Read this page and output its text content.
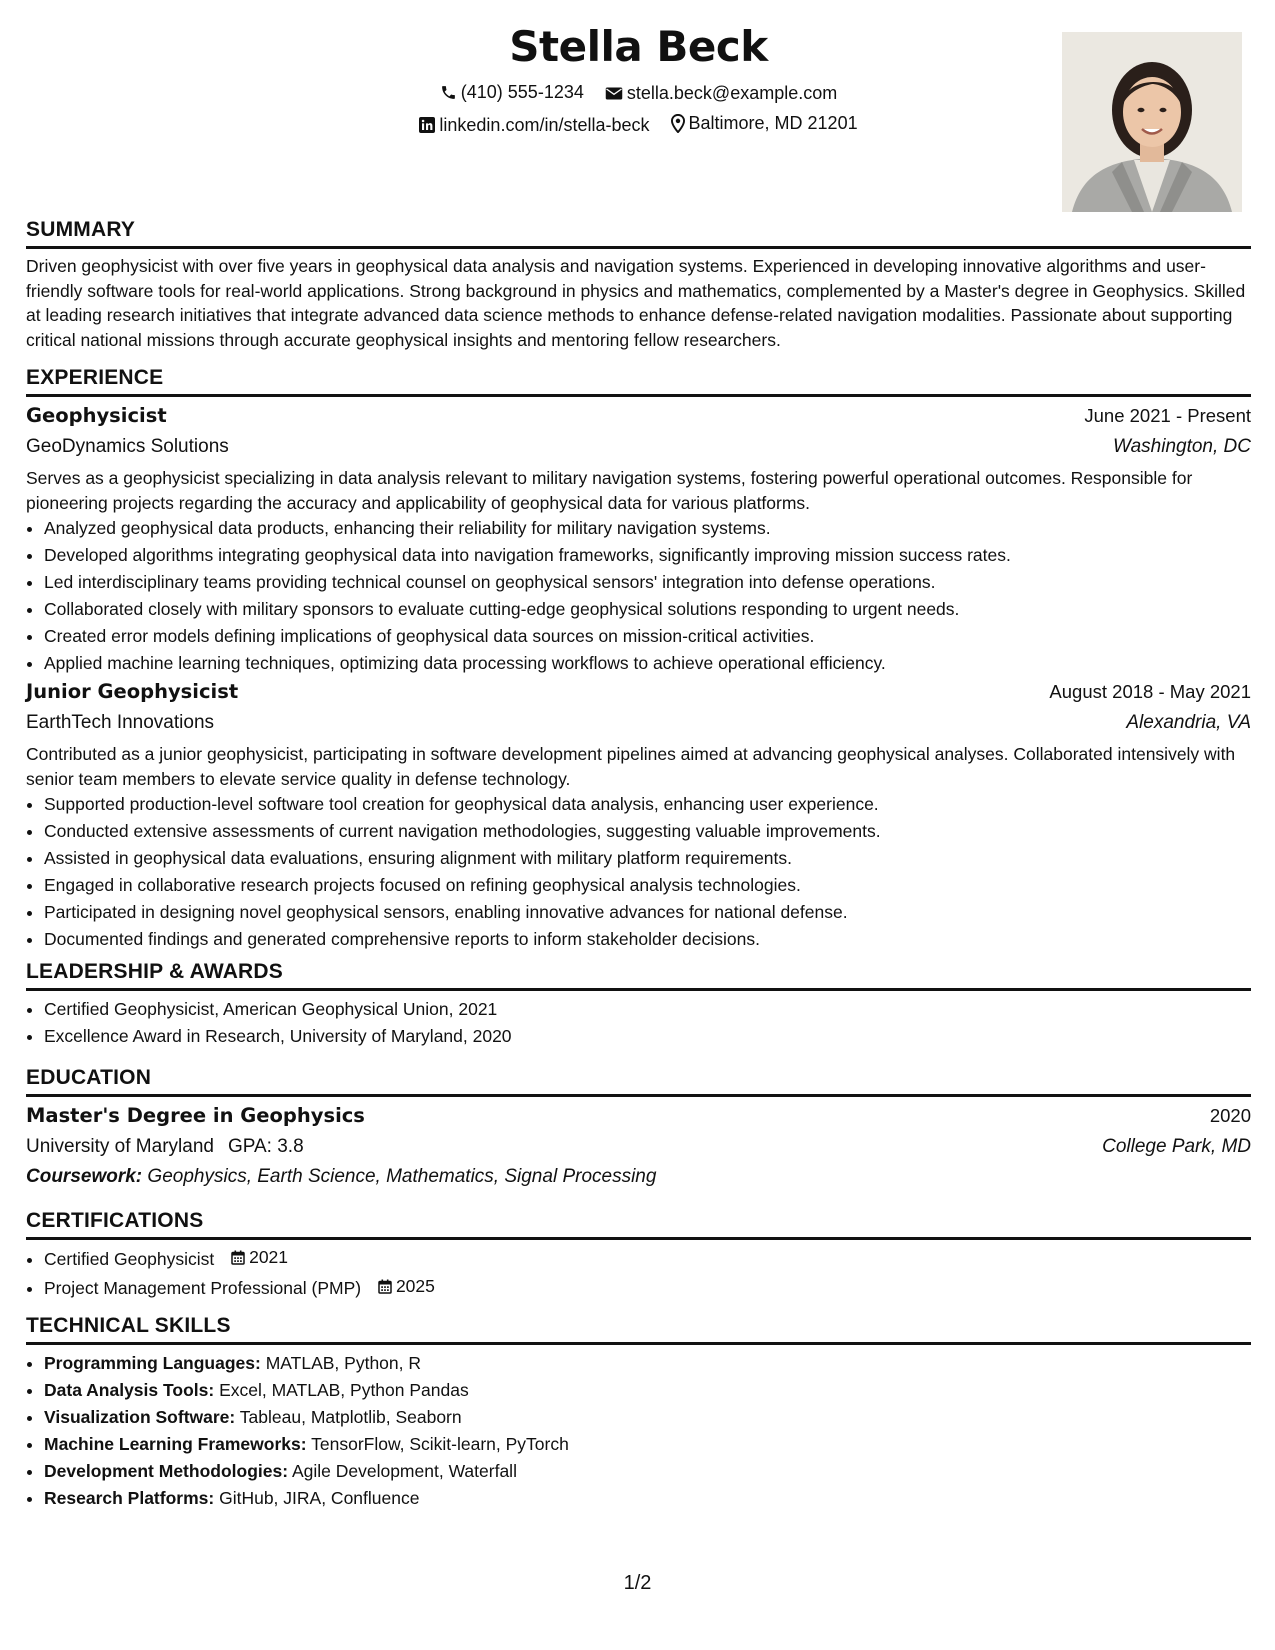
Stella Beck
(410) 555-1234
stella.beck@example.com
linkedin.com/in/stella-beck
Baltimore, MD 21201
SUMMARY

Driven geophysicist with over five years in geophysical data analysis and navigation systems. Experienced in developing innovative algorithms and user-friendly software tools for real-world applications. Strong background in physics and mathematics, complemented by a Master's degree in Geophysics. Skilled at leading research initiatives that integrate advanced data science methods to enhance defense-related navigation modalities. Passionate about supporting critical national missions through accurate geophysical insights and mentoring fellow researchers.

EXPERIENCE
Geophysicist	June 2021 - Present
GeoDynamics Solutions	Washington, DC

Serves as a geophysicist specializing in data analysis relevant to military navigation systems, fostering powerful operational outcomes. Responsible for pioneering projects regarding the accuracy and applicability of geophysical data for various platforms.

• Analyzed geophysical data products, enhancing their reliability for military navigation systems.
• Developed algorithms integrating geophysical data into navigation frameworks, significantly improving mission success rates.
• Led interdisciplinary teams providing technical counsel on geophysical sensors' integration into defense operations.
• Collaborated closely with military sponsors to evaluate cutting-edge geophysical solutions responding to urgent needs.
• Created error models defining implications of geophysical data sources on mission-critical activities.
• Applied machine learning techniques, optimizing data processing workflows to achieve operational efficiency.
Junior Geophysicist	August 2018 - May 2021
EarthTech Innovations	Alexandria, VA

Contributed as a junior geophysicist, participating in software development pipelines aimed at advancing geophysical analyses. Collaborated intensively with senior team members to elevate service quality in defense technology.

• Supported production-level software tool creation for geophysical data analysis, enhancing user experience.
• Conducted extensive assessments of current navigation methodologies, suggesting valuable improvements.
• Assisted in geophysical data evaluations, ensuring alignment with military platform requirements.
• Engaged in collaborative research projects focused on refining geophysical analysis technologies.
• Participated in designing novel geophysical sensors, enabling innovative advances for national defense.
• Documented findings and generated comprehensive reports to inform stakeholder decisions.
LEADERSHIP & AWARDS
• Certified Geophysicist, American Geophysical Union, 2021
• Excellence Award in Research, University of Maryland, 2020
EDUCATION
Master's Degree in Geophysics	2020
University of Maryland GPA: 3.8	College Park, MD
Coursework: Geophysics, Earth Science, Mathematics, Signal Processing
CERTIFICATIONS
• Certified Geophysicist 2021
• Project Management Professional (PMP) 2025
TECHNICAL SKILLS
• Programming Languages: MATLAB, Python, R
• Data Analysis Tools: Excel, MATLAB, Python Pandas
• Visualization Software: Tableau, Matplotlib, Seaborn
• Machine Learning Frameworks: TensorFlow, Scikit-learn, PyTorch
• Development Methodologies: Agile Development, Waterfall
• Research Platforms: GitHub, JIRA, Confluence
1/2
